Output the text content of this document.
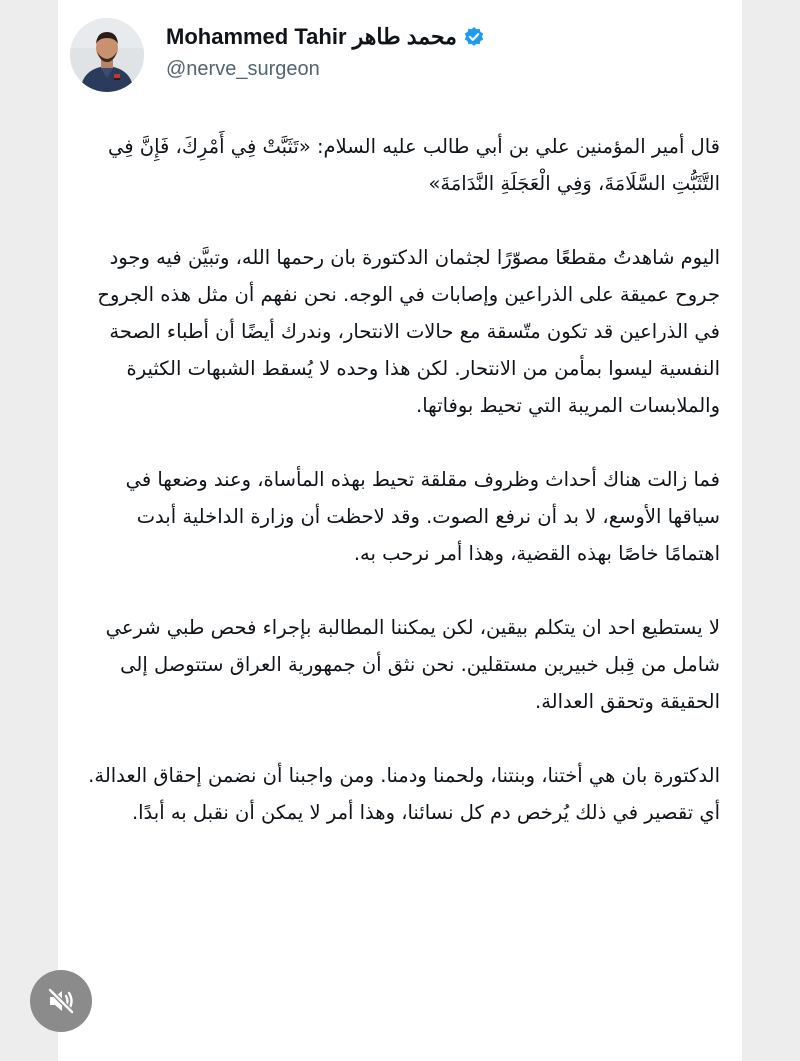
Mohammed Tahir محمد طاهر
@nerve_surgeon

قال أمير المؤمنين علي بن أبي طالب عليه السلام: «تَثَبَّتْ فِي أَمْرِكَ، فَإِنَّ فِي التَّثَبُّتِ السَّلَامَةَ، وَفِي الْعَجَلَةِ النَّدَامَةَ»

اليوم شاهدتُ مقطعًا مصوّرًا لجثمان الدكتورة بان رحمها الله، وتبيَّن فيه وجود جروح عميقة على الذراعين وإصابات في الوجه. نحن نفهم أن مثل هذه الجروح في الذراعين قد تكون متّسقة مع حالات الانتحار، وندرك أيضًا أن أطباء الصحة النفسية ليسوا بمأمن من الانتحار. لكن هذا وحده لا يُسقط الشبهات الكثيرة والملابسات المريبة التي تحيط بوفاتها.

فما زالت هناك أحداث وظروف مقلقة تحيط بهذه المأساة، وعند وضعها في سياقها الأوسع، لا بد أن نرفع الصوت. وقد لاحظت أن وزارة الداخلية أبدت اهتمامًا خاصًا بهذه القضية، وهذا أمر نرحب به.

لا يستطيع احد ان يتكلم بيقين، لكن يمكننا المطالبة بإجراء فحص طبي شرعي شامل من قِبل خبيرين مستقلين. نحن نثق أن جمهورية العراق ستتوصل إلى الحقيقة وتحقق العدالة.

الدكتورة بان هي أختنا، وبنتنا، ولحمنا ودمنا. ومن واجبنا أن نضمن إحقاق العدالة. أي تقصير في ذلك يُرخص دم كل نسائنا، وهذا أمر لا يمكن أن نقبل به أبدًا.
